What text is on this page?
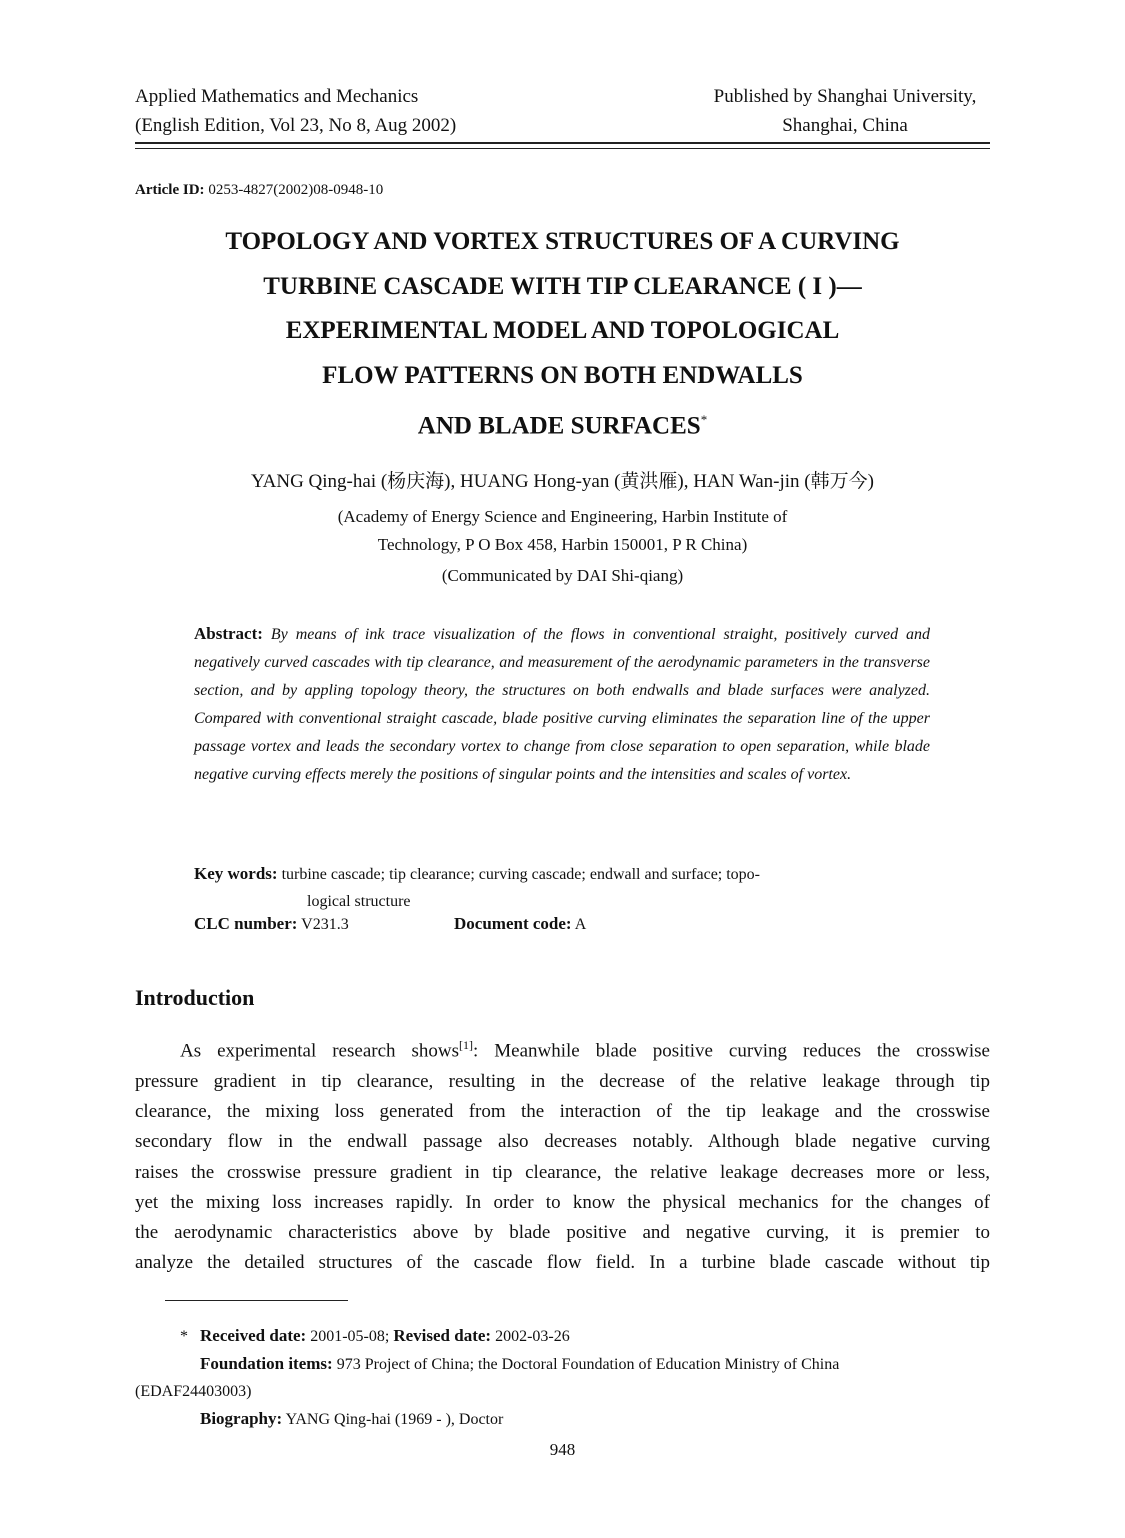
Applied Mathematics and Mechanics
(English Edition, Vol 23, No 8, Aug 2002)
Published by Shanghai University,
Shanghai, China
Article ID: 0253-4827(2002)08-0948-10
TOPOLOGY AND VORTEX STRUCTURES OF A CURVING
TURBINE CASCADE WITH TIP CLEARANCE ( I )—
EXPERIMENTAL MODEL AND TOPOLOGICAL
FLOW PATTERNS ON BOTH ENDWALLS
AND BLADE SURFACES*
YANG Qing-hai (杨庆海), HUANG Hong-yan (黄洪雁), HAN Wan-jin (韩万今)
(Academy of Energy Science and Engineering, Harbin Institute of
Technology, P O Box 458, Harbin 150001, P R China)
(Communicated by DAI Shi-qiang)
Abstract: By means of ink trace visualization of the flows in conventional straight, positively curved and negatively curved cascades with tip clearance, and measurement of the aerodynamic parameters in the transverse section, and by appling topology theory, the structures on both endwalls and blade surfaces were analyzed. Compared with conventional straight cascade, blade positive curving eliminates the separation line of the upper passage vortex and leads the secondary vortex to change from close separation to open separation, while blade negative curving effects merely the positions of singular points and the intensities and scales of vortex.
Key words: turbine cascade; tip clearance; curving cascade; endwall and surface; topo-
logical structure
CLC number: V231.3	Document code: A
Introduction
As experimental research shows[1]: Meanwhile blade positive curving reduces the crosswise
pressure gradient in tip clearance, resulting in the decrease of the relative leakage through tip
clearance, the mixing loss generated from the interaction of the tip leakage and the crosswise
secondary flow in the endwall passage also decreases notably. Although blade negative curving
raises the crosswise pressure gradient in tip clearance, the relative leakage decreases more or less,
yet the mixing loss increases rapidly. In order to know the physical mechanics for the changes of
the aerodynamic characteristics above by blade positive and negative curving, it is premier to
analyze the detailed structures of the cascade flow field. In a turbine blade cascade without tip
* Received date: 2001-05-08; Revised date: 2002-03-26
Foundation items: 973 Project of China; the Doctoral Foundation of Education Ministry of China
(EDAF24403003)
Biography: YANG Qing-hai (1969 - ), Doctor
948
